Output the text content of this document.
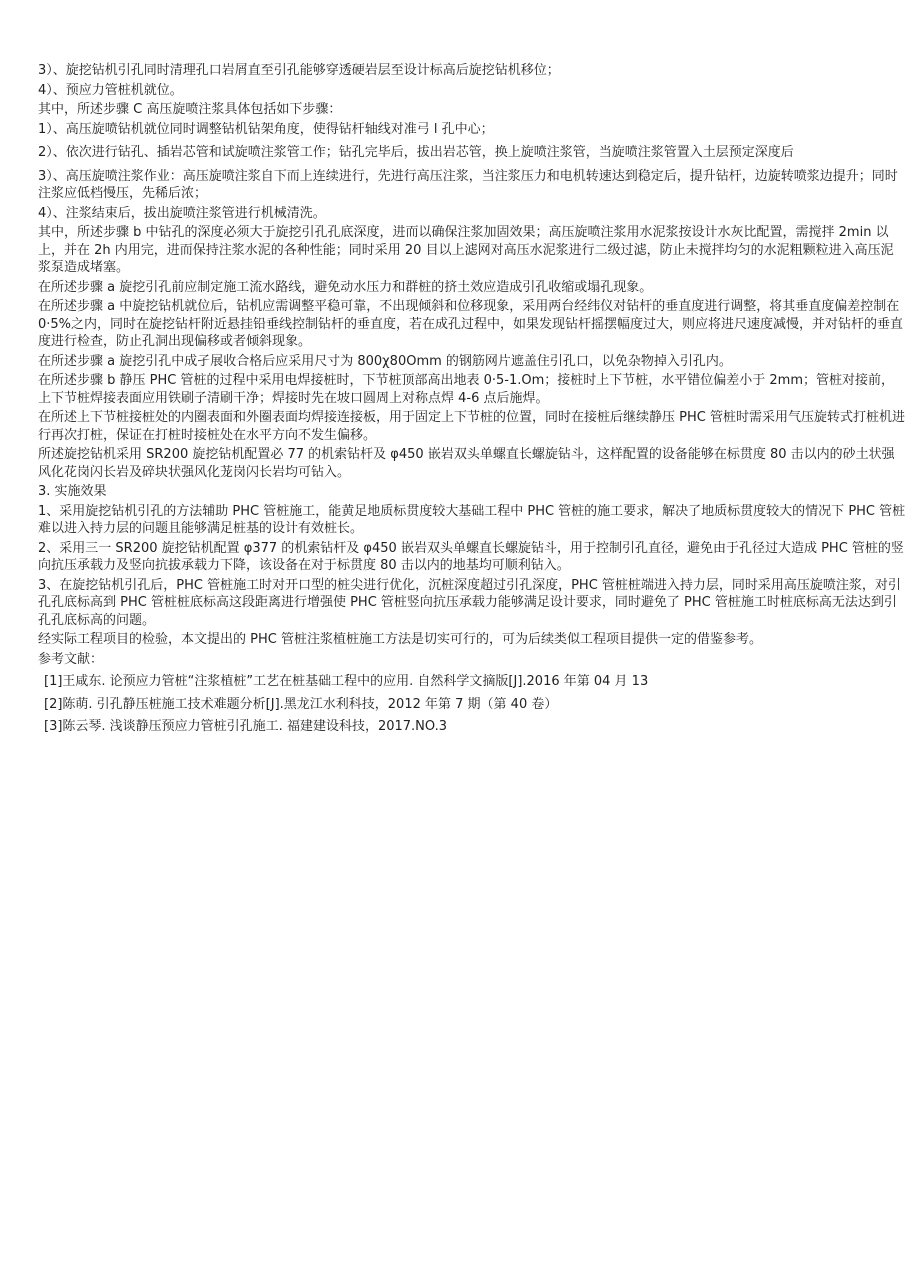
3）、旋挖钻机引孔同时清理孔口岩屑直至引孔能够穿透硬岩层至设计标高后旋挖钻机移位；

4）、预应力管桩机就位。

其中，所述步骤 C 高压旋喷注浆具体包括如下步骤：

1）、高压旋喷钻机就位同时调整钻机钻架角度，使得钻杆轴线对准弓 l 孔中心；

2）、依次进行钻孔、插岩芯管和试旋喷注浆管工作；钻孔完毕后，拔出岩芯管，换上旋喷注浆管，当旋喷注浆管置入土层预定深度后

3）、高压旋喷注浆作业：高压旋喷注浆自下而上连续进行，先进行高压注浆，当注浆压力和电机转速达到稳定后，提升钻杆，边旋转喷浆边提升；同时注浆应低档慢压，先稀后浓；

4）、注浆结束后，拔出旋喷注浆管进行机械清洗。

其中，所述步骤 b 中钻孔的深度必须大于旋挖引孔孔底深度，进而以确保注浆加固效果；高压旋喷注浆用水泥浆按设计水灰比配置，需搅拌 2min 以上，并在 2h 内用完，进而保持注浆水泥的各种性能；同时采用 20 目以上滤网对高压水泥浆进行二级过滤，防止未搅拌均匀的水泥粗颗粒进入高压泥浆泵造成堵塞。

在所述步骤 a 旋挖引孔前应制定施工流水路线，避免动水压力和群桩的挤土效应造成引孔收缩或塌孔现象。

在所述步骤 a 中旋挖钻机就位后，钻机应需调整平稳可靠，不出现倾斜和位移现象，采用两台经纬仪对钻杆的垂直度进行调整，将其垂直度偏差控制在 0·5%之内，同时在旋挖钻杆附近悬挂铅垂线控制钻杆的垂直度，若在成孔过程中，如果发现钻杆摇摆幅度过大，则应将进尺速度减慢，并对钻杆的垂直度进行检查，防止孔洞出现偏移或者倾斜现象。

在所述步骤 a 旋挖引孔中成孑展收合格后应采用尺寸为 800χ80Omm 的钢筋网片遮盖住引孔口，以免杂物掉入引孔内。

在所述步骤 b 静压 PHC 管桩的过程中采用电焊接桩时，下节桩顶部高出地表 0·5-1.Om；接桩时上下节桩，水平错位偏差小于 2mm；管桩对接前，上下节桩焊接表面应用铁刷子清刷干净；焊接时先在坡口圆周上对称点焊 4-6 点后施焊。

在所述上下节桩接桩处的内圈表面和外圈表面均焊接连接板，用于固定上下节桩的位置，同时在接桩后继续静压 PHC 管桩时需采用气压旋转式打桩机进行再次打桩，保证在打桩时接桩处在水平方向不发生偏移。

所述旋挖钻机采用 SR200 旋挖钻机配置必 77 的机索钻杆及 φ450 嵌岩双头单螺直长螺旋钻斗，这样配置的设备能够在标贯度 80 击以内的砂土状强风化花岗闪长岩及碎块状强风化茏岗闪长岩均可钻入。

3. 实施效果

1、采用旋挖钻机引孔的方法辅助 PHC 管桩施工，能黄足地质标贯度较大基础工程中 PHC 管桩的施工要求，解决了地质标贯度较大的情况下 PHC 管桩难以进入持力层的问题且能够满足桩基的设计有效桩长。

2、采用三一 SR200 旋挖钻机配置 φ377 的机索钻杆及 φ450 嵌岩双头单螺直长螺旋钻斗，用于控制引孔直径，避免由于孔径过大造成 PHC 管桩的竖向抗压承载力及竖向抗拔承载力下降，该设备在对于标贯度 80 击以内的地基均可顺利钻入。

3、在旋挖钻机引孔后，PHC 管桩施工时对开口型的桩尖进行优化，沉桩深度超过引孔深度，PHC 管桩桩端进入持力层，同时采用高压旋喷注浆，对引孔孔底标高到 PHC 管桩桩底标高这段距离进行增强使 PHC 管桩竖向抗压承载力能够满足设计要求，同时避免了 PHC 管桩施工时桩底标高无法达到引孔孔底标高的问题。

经实际工程项目的检验，本文提出的 PHC 管桩注浆植桩施工方法是切实可行的，可为后续类似工程项目提供一定的借鉴参考。

参考文献：

[1]王咸东. 论预应力管桩“注浆植桩”工艺在桩基础工程中的应用. 自然科学文摘版[J].2016 年第 04 月 13

[2]陈萌. 引孔静压桩施工技术难题分析[J].黑龙江水利科技，2012 年第 7 期（第 40 卷）

[3]陈云琴. 浅谈静压预应力管桩引孔施工. 福建建设科技，2017.NO.3
